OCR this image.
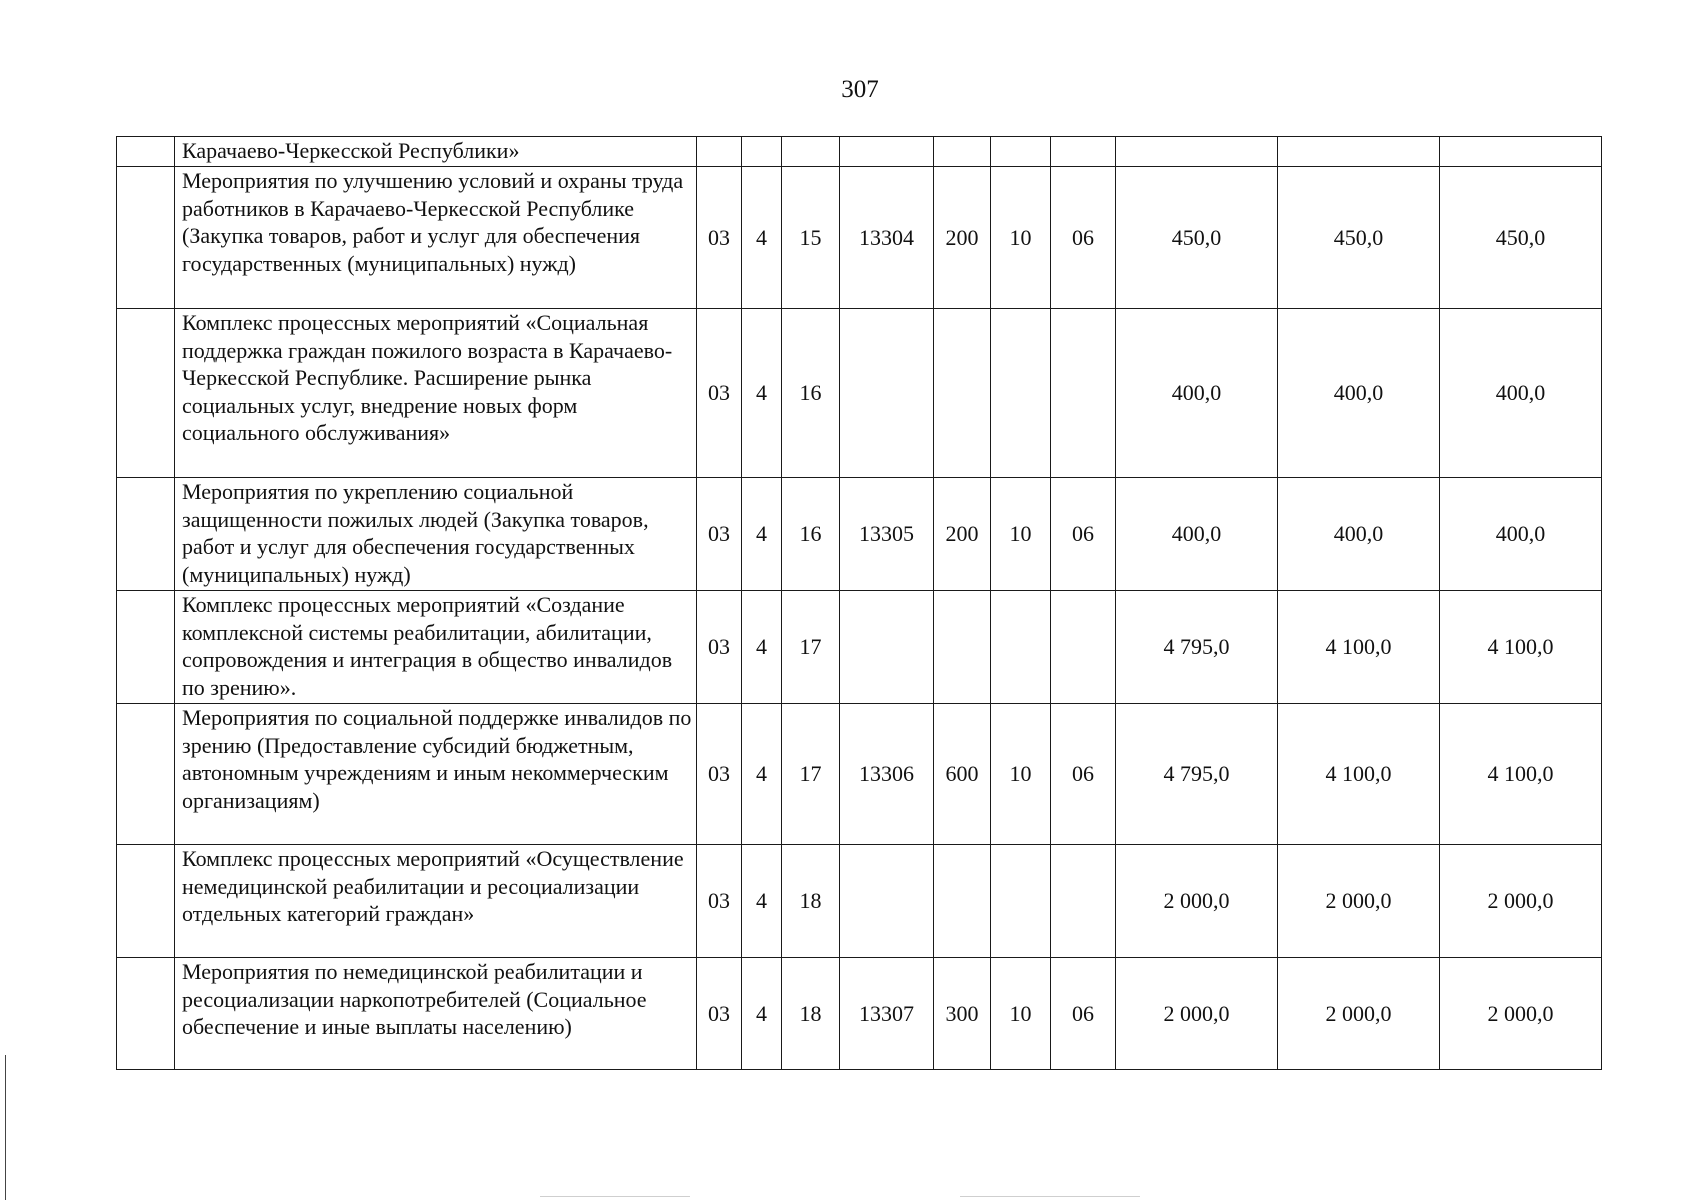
307
	Карачаево-Черкесской Республики»										
	Мероприятия по улучшению условий и охраны труда работников в Карачаево-Черкесской Республике (Закупка товаров, работ и услуг для обеспечения государственных (муниципальных) нужд)	03	4	15	13304	200	10	06	450,0	450,0	450,0
	Комплекс процессных мероприятий «Социальная поддержка граждан пожилого возраста в Карачаево-Черкесской Республике. Расширение рынка социальных услуг, внедрение новых форм социального обслуживания»	03	4	16					400,0	400,0	400,0
	Мероприятия по укреплению социальной защищенности пожилых людей (Закупка товаров, работ и услуг для обеспечения государственных (муниципальных) нужд)	03	4	16	13305	200	10	06	400,0	400,0	400,0
	Комплекс процессных мероприятий «Создание комплексной системы реабилитации, абилитации, сопровождения и интеграция в общество инвалидов по зрению».	03	4	17					4 795,0	4 100,0	4 100,0
	Мероприятия по социальной поддержке инвалидов по зрению (Предоставление субсидий бюджетным, автономным учреждениям и иным некоммерческим организациям)	03	4	17	13306	600	10	06	4 795,0	4 100,0	4 100,0
	Комплекс процессных мероприятий «Осуществление немедицинской реабилитации и ресоциализации отдельных категорий граждан»	03	4	18					2 000,0	2 000,0	2 000,0
	Мероприятия по немедицинской реабилитации и ресоциализации наркопотребителей (Социальное обеспечение и иные выплаты населению)	03	4	18	13307	300	10	06	2 000,0	2 000,0	2 000,0
